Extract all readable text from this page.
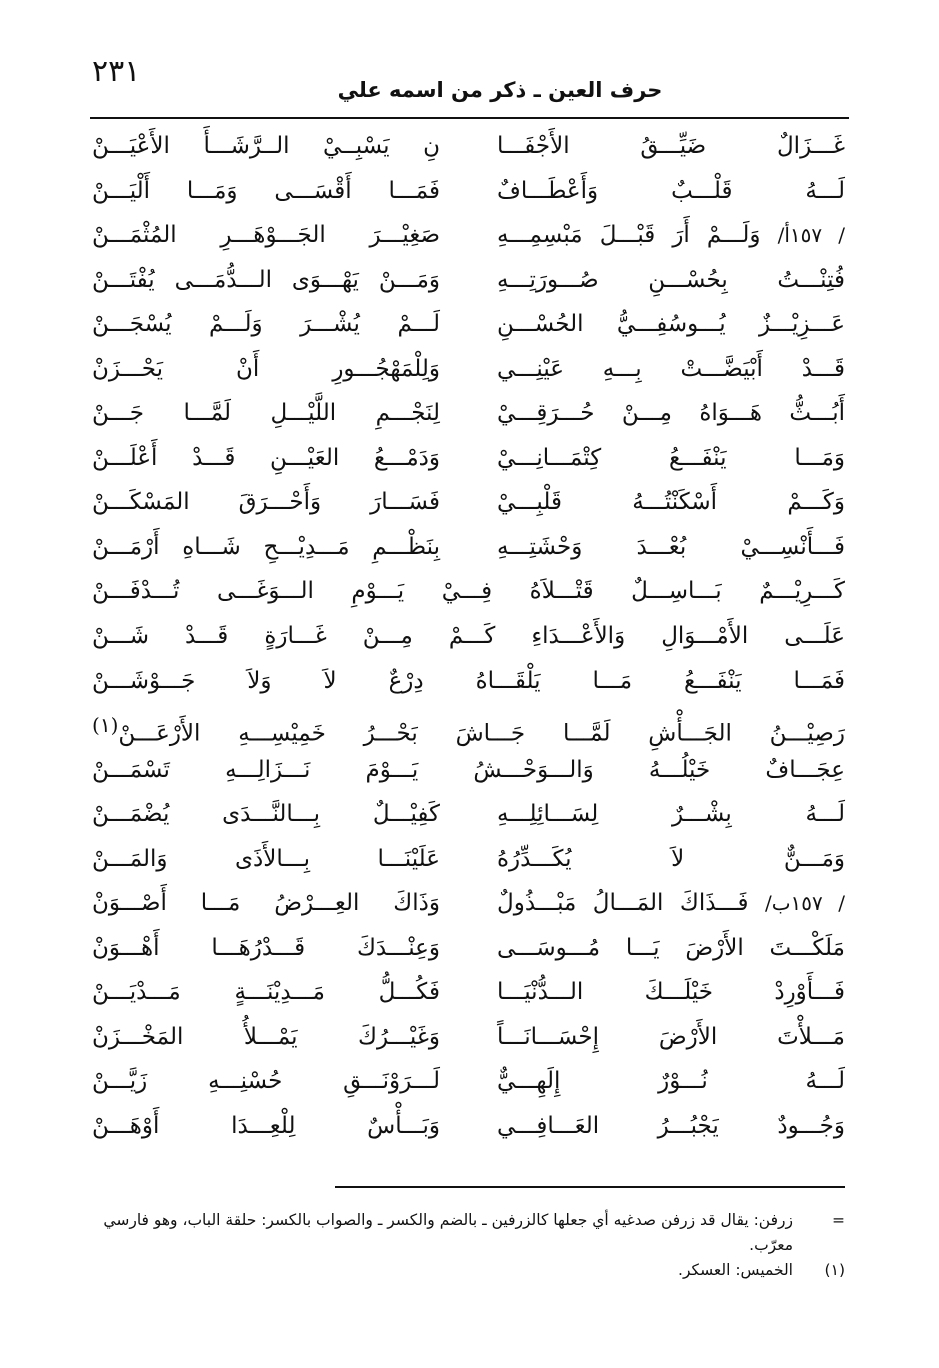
٢٣١
حرف العين ـ ذكر من اسمه علي
غَـــزَالٌ ضَيِّـــقُ الأَجْفَـــا
نِ يَسْبِــيْ الــرَّشَـــأَ الأَعْيَـــنْ
لَـــهُ قَلْـــبٌ وَأَعْطَـــافٌ
فَمَـــا أَقْسَـــى وَمَـــا أَلْيَـــنْ
/ ١٥٧أ/ وَلَـــمْ أَرَ قَبْـــلَ مَبْسِمِـــهِ
صَغِيْـــرَ الجَـــوْهَـــرِ المُثْمَـــنْ
فُتِنْـــتُ بِحُسْـــنِ صُـــورَتِـــهِ
وَمَـــنْ يَهْـــوَى الـــدُّمَـــى يُفْتَـــنْ
عَـــزِيْـــزٌ يُـــوسُفِـــيُّ الحُسْـــنِ
لَـــمْ يُشْـــرَ وَلَـــمْ يُسْجَـــنْ
قَـــدْ أَبْيَضَّـــتْ بِـــهِ عَيْنِـــي
وَلِلْمَهْجُـــورِ أَنْ يَحْـــزَنْ
أَبُـــثُّ هَـــوَاهُ مِـــنْ حُـــرَقِـــيْ
لِنَجْـــمِ اللَّيْـــلِ لَمَّـــا جَـــنْ
وَمَـــا يَنْفَـــعُ كِتْمَـــانِـــيْ
وَدَمْـــعُ العَيْـــنِ قَـــدْ أَعْلَـــنْ
وَكَـــمْ أَسْكَنْتُـــهُ قَلْبِـــيْ
فَسَـــارَ وَأَحْـــرَقَ المَسْكَـــنْ
فَـــأَنْسِـــيْ بُعْـــدَ وَحْشَتِـــهِ
بِنَظْـــمِ مَـــدِيْـــحِ شَـــاهِ أَرْمَـــنْ
كَـــرِيْـــمٌ بَـــاسِـــلٌ قَتْـــلاَهُ فِـــيْ يَـــوْمِ الـــوَغَـــى تُـــدْفَـــنْ
عَلَـــى الأَمْـــوَالِ وَالأَعْـــدَاءِ كَـــمْ مِـــنْ غَـــارَةٍ قَـــدْ شَـــنْ
فَمَـــا يَنْفَـــعُ مَـــا يَلْقَـــاهُ دِرْعٌ لاَ وَلاَ جَـــوْشَـــنْ
رَصِيْـــنُ الجَـــأْشِ لَمَّـــا جَـــاشَ بَحْـــرُ خَمِيْسِـــهِ الأَرْعَـــنْ$^{(١)}$
عِجَـــافٌ خَيْلُـــهُ وَالـــوَحْـــشُ يَـــوْمَ نَـــزَالِـــهِ تَسْمَـــنْ
لَـــهُ بِشْـــرٌ لِسَـــائِلِـــهِ
كَفِيْـــلٌ بِـــالنَّـــدَى يُضْمَـــنْ
وَمَـــنٌّ لاَ يُكَـــدِّرُهُ
عَلَيْنَـــا بِـــالأَذَى وَالمَـــنْ
/ ١٥٧ب/ فَـــذَاكَ المَـــالُ مَبْـــذُولٌ
وَذَاكَ العِـــرْضُ مَـــا أَصْـــوَنْ
مَلَكْـــتَ الأَرْضَ يَـــا مُـــوسَـــى
وَعِنْـــدَكَ قَـــدْرُهَـــا أَهْـــوَنْ
فَـــأَوْرِدْ خَيْلَـــكَ الـــدُّنْيَـــا
فَكُـــلُّ مَـــدِيْنَـــةٍ مَـــدْيَـــنْ
مَـــلأْتَ الأَرْضَ إِحْسَـــانَـــاً
وَغَيْـــرُكَ يَمْـــلأُ المَخْـــزَنْ
لَـــهُ نُـــوْرٌ إِلَهِـــيٌّ
لَـــرَوْنَـــقِ حُسْنِـــهِ زَيَّـــنْ
وَجُـــودٌ يَجْبُـــرُ العَـــافِـــي
وَبَـــأْسٌ لِلْعِـــدَا أَوْهَـــنْ
=
زرفن: يقال قد زرفن صدغيه أي جعلها كالزرفين ـ بالضم والكسر ـ والصواب بالكسر: حلقة الباب، وهو فارسي معرّب.
(١)
الخميس: العسكر.
